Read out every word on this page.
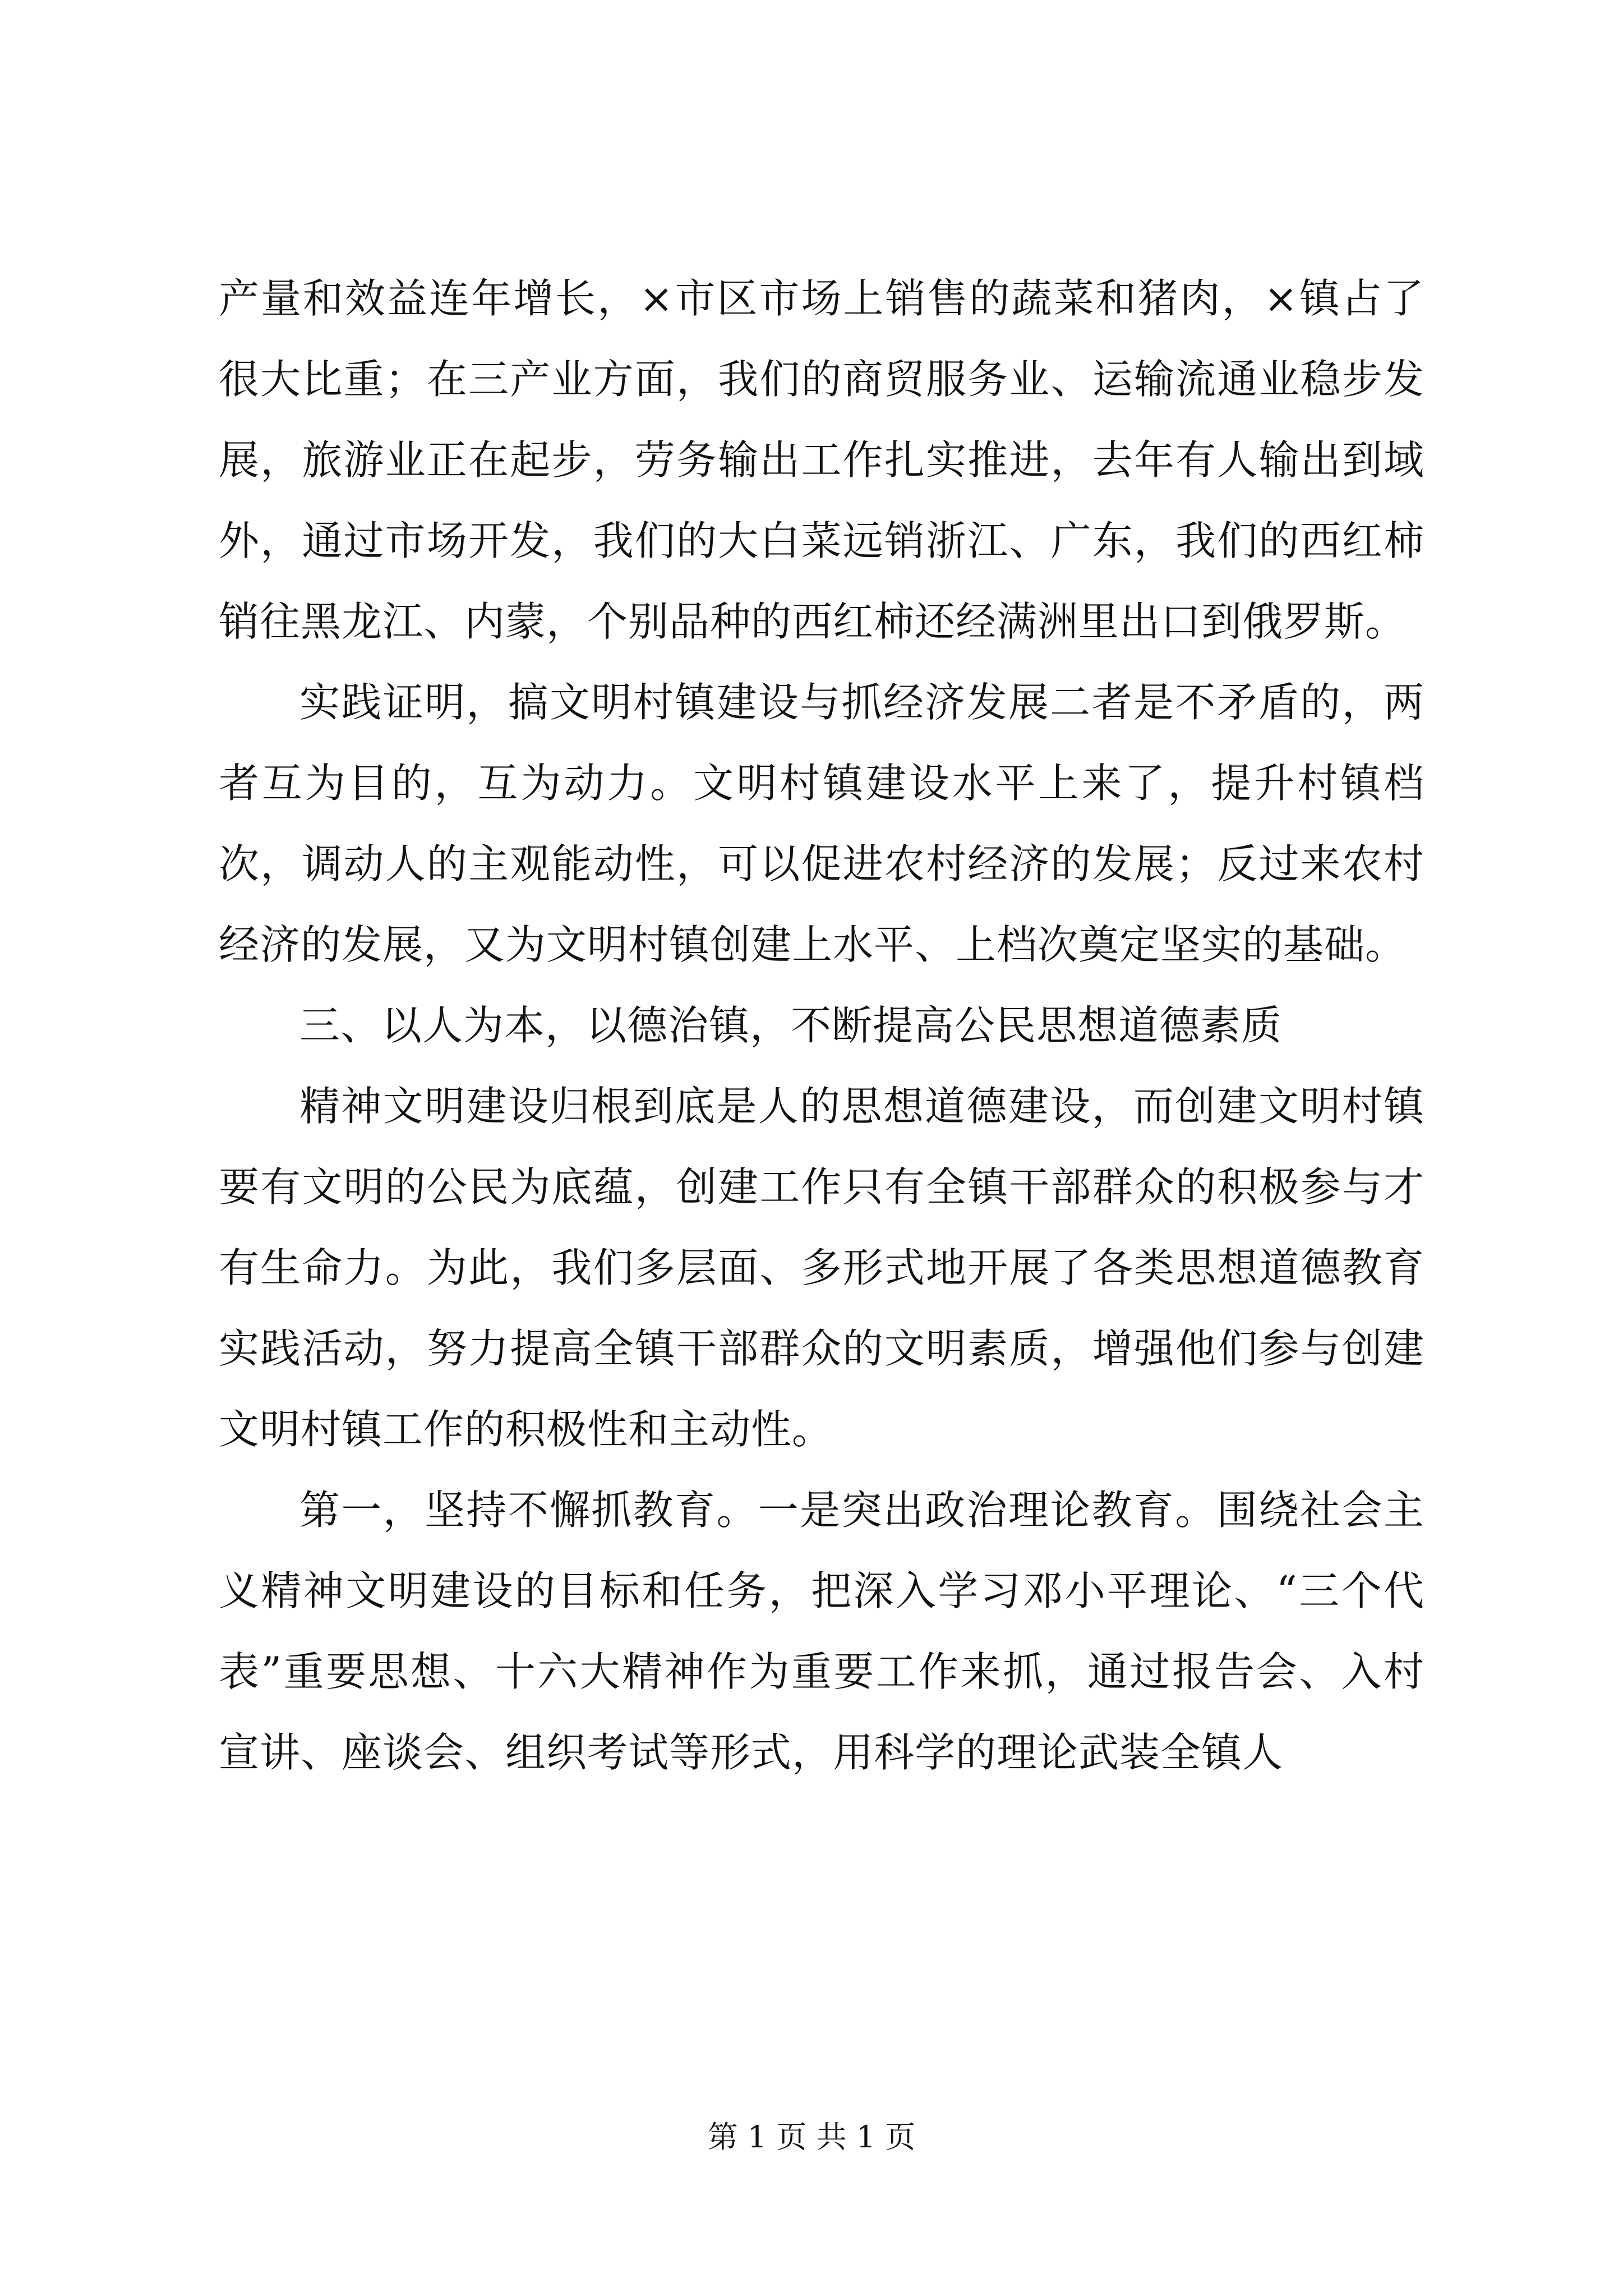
产量和效益连年增长，×市区市场上销售的蔬菜和猪肉，×镇占了很大比重；在三产业方面，我们的商贸服务业、运输流通业稳步发展，旅游业正在起步，劳务输出工作扎实推进，去年有人输出到域外，通过市场开发，我们的大白菜远销浙江、广东，我们的西红柿销往黑龙江、内蒙，个别品种的西红柿还经满洲里出口到俄罗斯。

实践证明，搞文明村镇建设与抓经济发展二者是不矛盾的，两者互为目的，互为动力。文明村镇建设水平上来了，提升村镇档次，调动人的主观能动性，可以促进农村经济的发展；反过来农村经济的发展，又为文明村镇创建上水平、上档次奠定坚实的基础。

三、以人为本，以德治镇，不断提高公民思想道德素质

精神文明建设归根到底是人的思想道德建设，而创建文明村镇要有文明的公民为底蕴，创建工作只有全镇干部群众的积极参与才有生命力。为此，我们多层面、多形式地开展了各类思想道德教育实践活动，努力提高全镇干部群众的文明素质，增强他们参与创建文明村镇工作的积极性和主动性。

第一，坚持不懈抓教育。一是突出政治理论教育。围绕社会主义精神文明建设的目标和任务，把深入学习邓小平理论、“三个代表”重要思想、十六大精神作为重要工作来抓，通过报告会、入村宣讲、座谈会、组织考试等形式，用科学的理论武装全镇人

第 1 页 共 1 页
